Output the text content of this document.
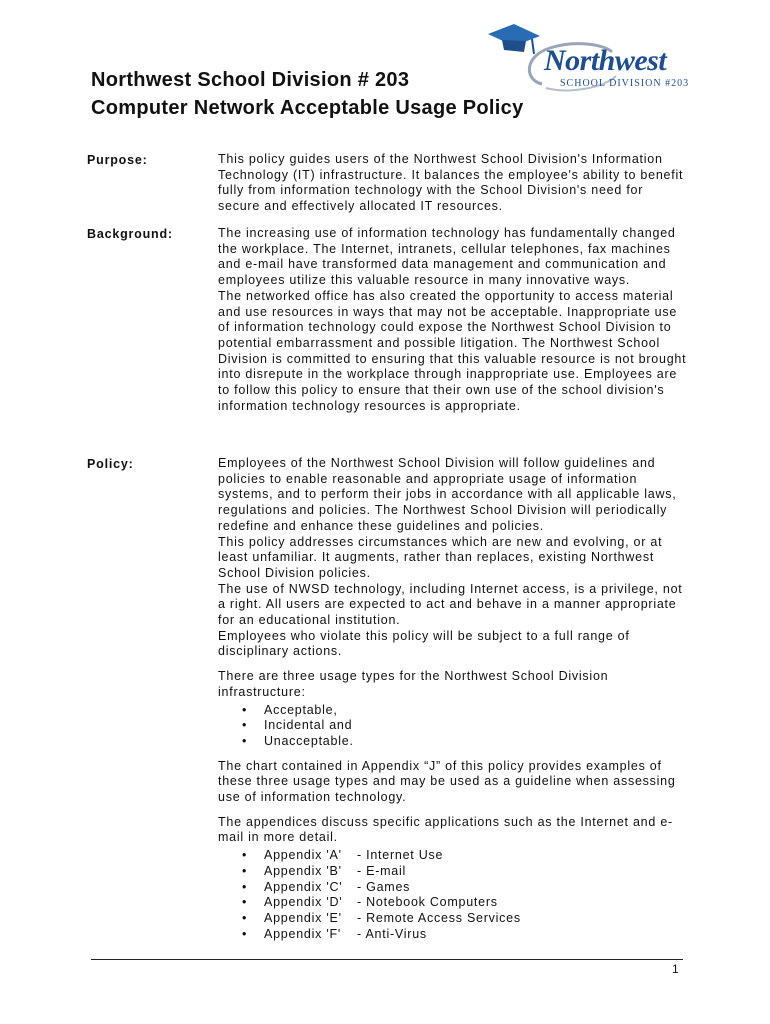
Northwest
SCHOOL DIVISION #203
Northwest School Division # 203
Computer Network Acceptable Usage Policy
Purpose:	This policy guides users of the Northwest School Division's Information Technology (IT) infrastructure. It balances the employee's ability to benefit fully from information technology with the School Division's need for secure and effectively allocated IT resources.

Background:	The increasing use of information technology has fundamentally changed the workplace. The Internet, intranets, cellular telephones, fax machines and e-mail have transformed data management and communication and employees utilize this valuable resource in many innovative ways.

The networked office has also created the opportunity to access material and use resources in ways that may not be acceptable. Inappropriate use of information technology could expose the Northwest School Division to potential embarrassment and possible litigation. The Northwest School Division is committed to ensuring that this valuable resource is not brought into disrepute in the workplace through inappropriate use. Employees are to follow this policy to ensure that their own use of the school division's information technology resources is appropriate.

Policy:	Employees of the Northwest School Division will follow guidelines and policies to enable reasonable and appropriate usage of information systems, and to perform their jobs in accordance with all applicable laws, regulations and policies. The Northwest School Division will periodically redefine and enhance these guidelines and policies.

This policy addresses circumstances which are new and evolving, or at least unfamiliar. It augments, rather than replaces, existing Northwest School Division policies.

The use of NWSD technology, including Internet access, is a privilege, not a right. All users are expected to act and behave in a manner appropriate for an educational institution.

Employees who violate this policy will be subject to a full range of disciplinary actions.

There are three usage types for the Northwest School Division infrastructure:

• Acceptable,
• Incidental and
• Unacceptable.

The chart contained in Appendix “J” of this policy provides examples of these three usage types and may be used as a guideline when assessing use of information technology.

The appendices discuss specific applications such as the Internet and e-mail in more detail.

• Appendix 'A' - Internet Use
• Appendix 'B' - E-mail
• Appendix 'C' - Games
• Appendix 'D' - Notebook Computers
• Appendix 'E' - Remote Access Services
• Appendix 'F' - Anti-Virus
1
